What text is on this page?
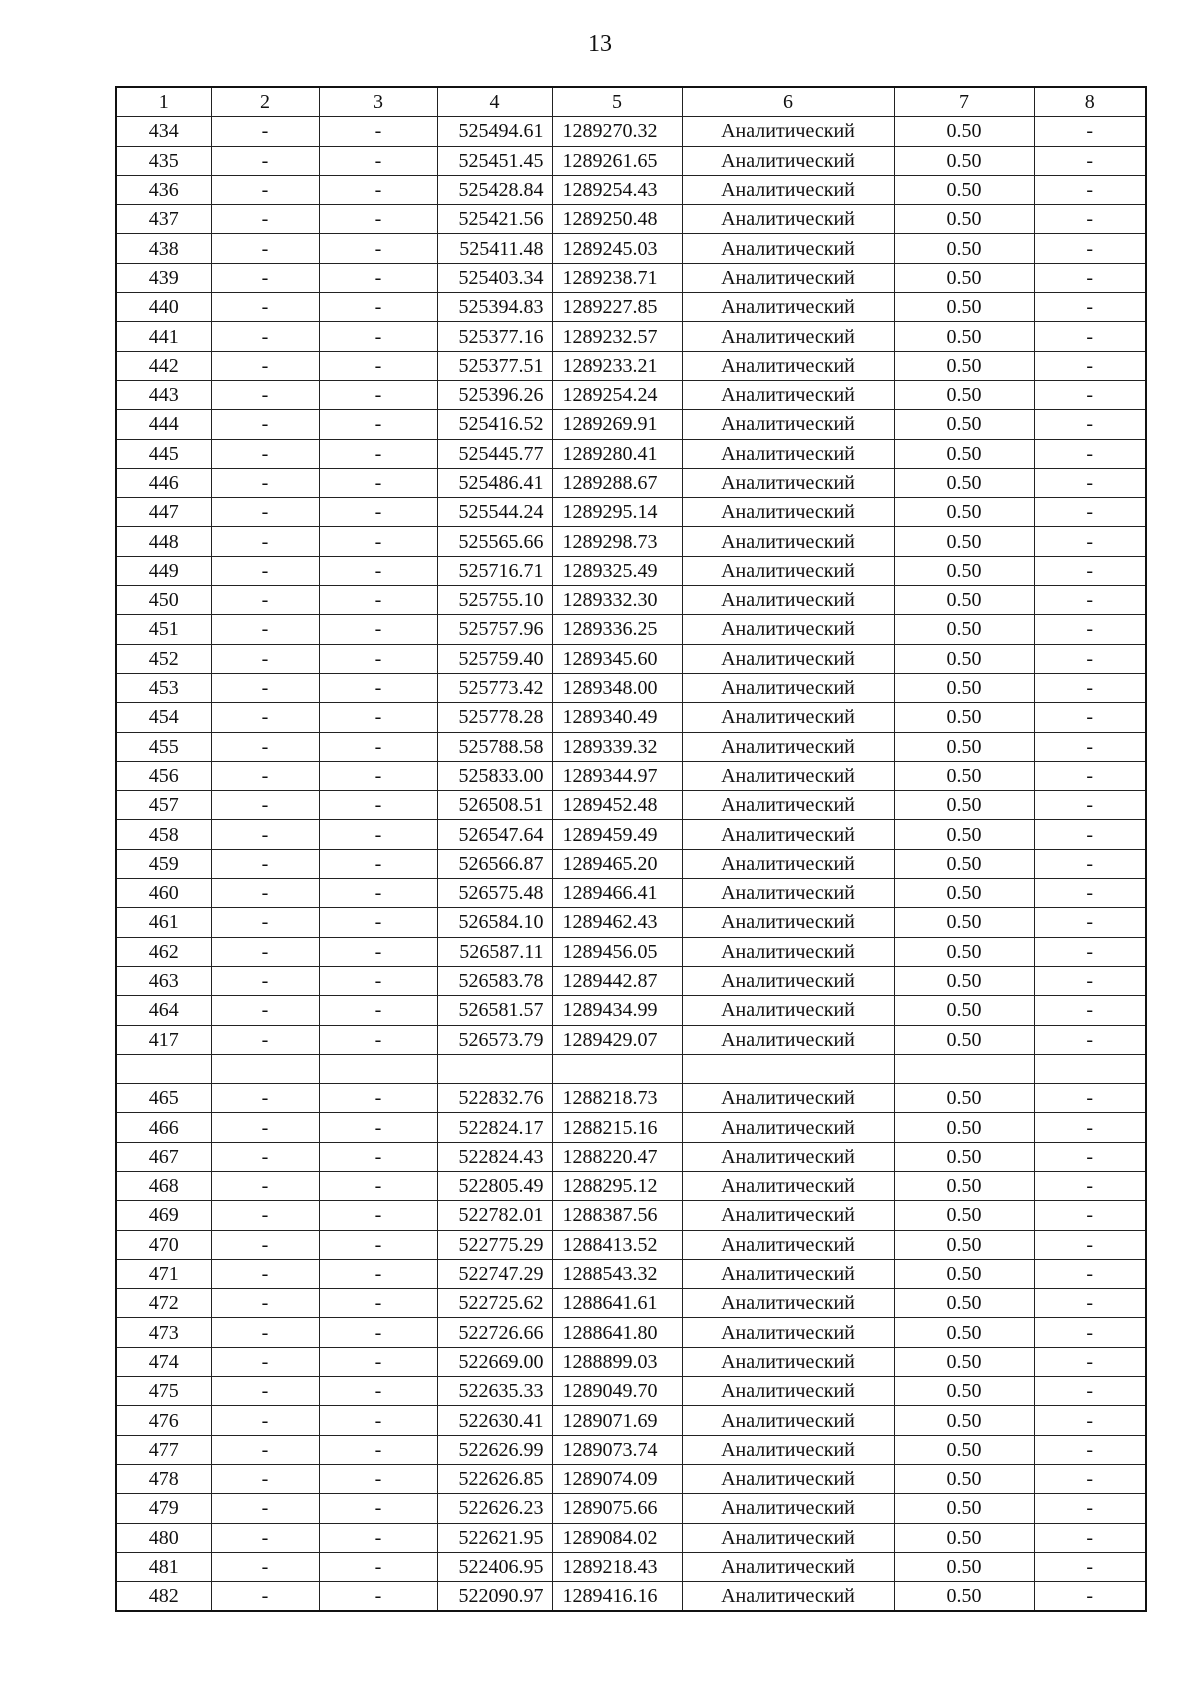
13
1	2	3	4	5	6	7	8
434	-	-	525494.61	1289270.32	Аналитический	0.50	-
435	-	-	525451.45	1289261.65	Аналитический	0.50	-
436	-	-	525428.84	1289254.43	Аналитический	0.50	-
437	-	-	525421.56	1289250.48	Аналитический	0.50	-
438	-	-	525411.48	1289245.03	Аналитический	0.50	-
439	-	-	525403.34	1289238.71	Аналитический	0.50	-
440	-	-	525394.83	1289227.85	Аналитический	0.50	-
441	-	-	525377.16	1289232.57	Аналитический	0.50	-
442	-	-	525377.51	1289233.21	Аналитический	0.50	-
443	-	-	525396.26	1289254.24	Аналитический	0.50	-
444	-	-	525416.52	1289269.91	Аналитический	0.50	-
445	-	-	525445.77	1289280.41	Аналитический	0.50	-
446	-	-	525486.41	1289288.67	Аналитический	0.50	-
447	-	-	525544.24	1289295.14	Аналитический	0.50	-
448	-	-	525565.66	1289298.73	Аналитический	0.50	-
449	-	-	525716.71	1289325.49	Аналитический	0.50	-
450	-	-	525755.10	1289332.30	Аналитический	0.50	-
451	-	-	525757.96	1289336.25	Аналитический	0.50	-
452	-	-	525759.40	1289345.60	Аналитический	0.50	-
453	-	-	525773.42	1289348.00	Аналитический	0.50	-
454	-	-	525778.28	1289340.49	Аналитический	0.50	-
455	-	-	525788.58	1289339.32	Аналитический	0.50	-
456	-	-	525833.00	1289344.97	Аналитический	0.50	-
457	-	-	526508.51	1289452.48	Аналитический	0.50	-
458	-	-	526547.64	1289459.49	Аналитический	0.50	-
459	-	-	526566.87	1289465.20	Аналитический	0.50	-
460	-	-	526575.48	1289466.41	Аналитический	0.50	-
461	-	-	526584.10	1289462.43	Аналитический	0.50	-
462	-	-	526587.11	1289456.05	Аналитический	0.50	-
463	-	-	526583.78	1289442.87	Аналитический	0.50	-
464	-	-	526581.57	1289434.99	Аналитический	0.50	-
417	-	-	526573.79	1289429.07	Аналитический	0.50	-

465	-	-	522832.76	1288218.73	Аналитический	0.50	-
466	-	-	522824.17	1288215.16	Аналитический	0.50	-
467	-	-	522824.43	1288220.47	Аналитический	0.50	-
468	-	-	522805.49	1288295.12	Аналитический	0.50	-
469	-	-	522782.01	1288387.56	Аналитический	0.50	-
470	-	-	522775.29	1288413.52	Аналитический	0.50	-
471	-	-	522747.29	1288543.32	Аналитический	0.50	-
472	-	-	522725.62	1288641.61	Аналитический	0.50	-
473	-	-	522726.66	1288641.80	Аналитический	0.50	-
474	-	-	522669.00	1288899.03	Аналитический	0.50	-
475	-	-	522635.33	1289049.70	Аналитический	0.50	-
476	-	-	522630.41	1289071.69	Аналитический	0.50	-
477	-	-	522626.99	1289073.74	Аналитический	0.50	-
478	-	-	522626.85	1289074.09	Аналитический	0.50	-
479	-	-	522626.23	1289075.66	Аналитический	0.50	-
480	-	-	522621.95	1289084.02	Аналитический	0.50	-
481	-	-	522406.95	1289218.43	Аналитический	0.50	-
482	-	-	522090.97	1289416.16	Аналитический	0.50	-
